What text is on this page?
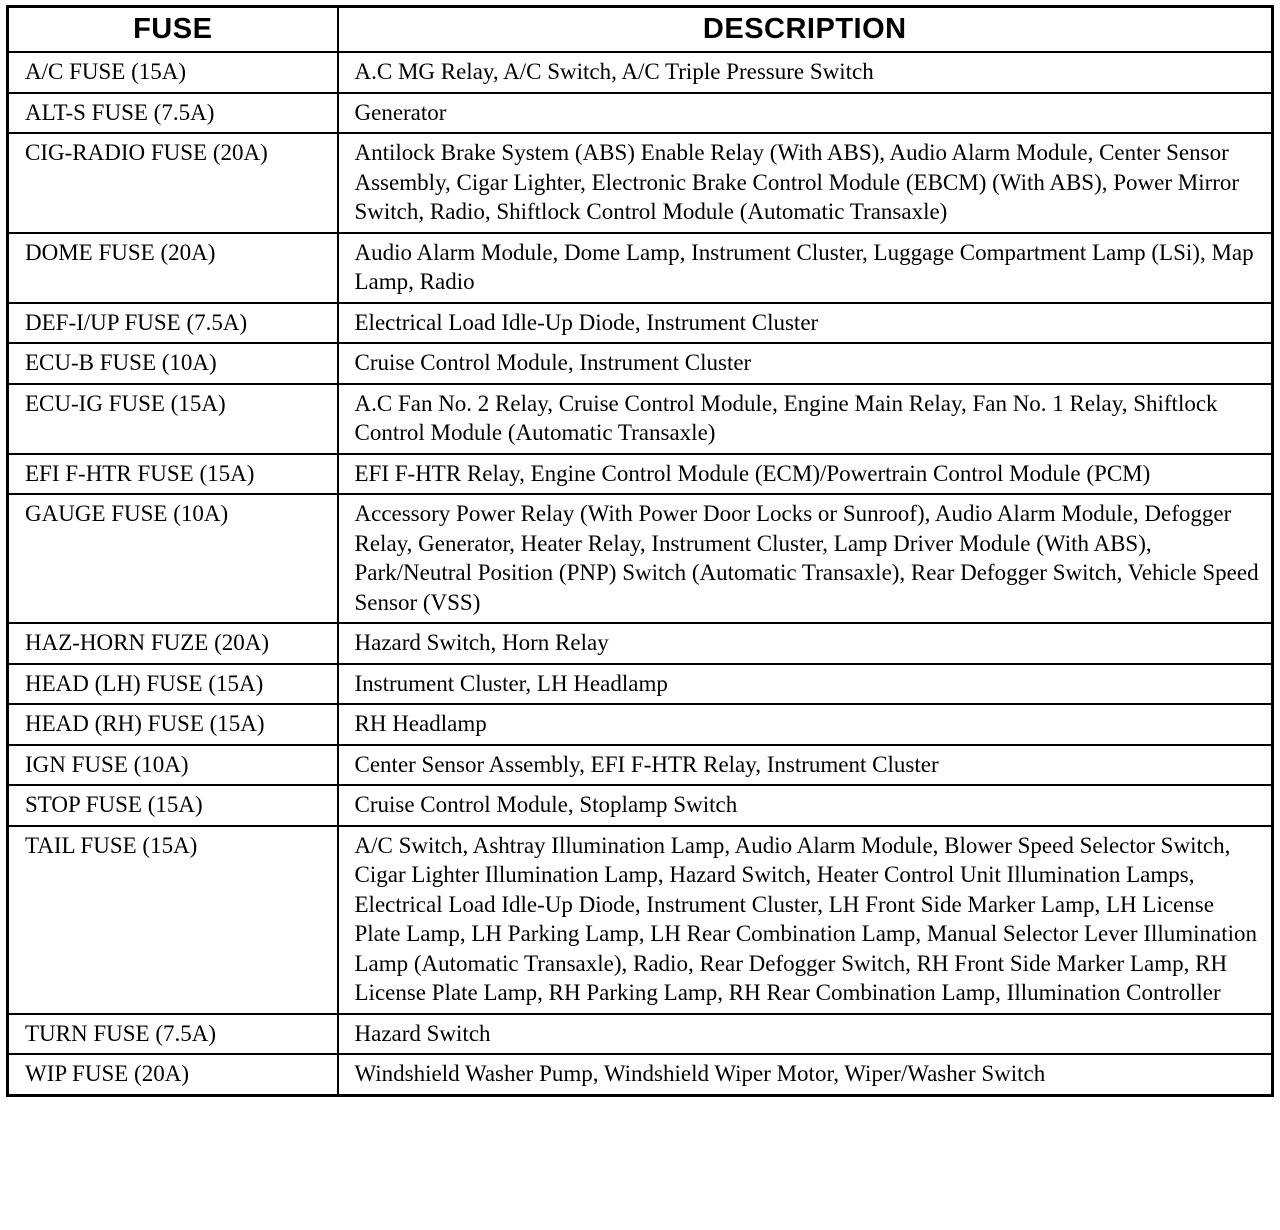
FUSE	DESCRIPTION
A/C FUSE (15A)	A.C MG Relay, A/C Switch, A/C Triple Pressure Switch
ALT-S FUSE (7.5A)	Generator
CIG-RADIO FUSE (20A)	Antilock Brake System (ABS) Enable Relay (With ABS), Audio Alarm Module, Center Sensor Assembly, Cigar Lighter, Electronic Brake Control Module (EBCM) (With ABS), Power Mirror Switch, Radio, Shiftlock Control Module (Automatic Transaxle)
DOME FUSE (20A)	Audio Alarm Module, Dome Lamp, Instrument Cluster, Luggage Compartment Lamp (LSi), Map Lamp, Radio
DEF-I/UP FUSE (7.5A)	Electrical Load Idle-Up Diode, Instrument Cluster
ECU-B FUSE (10A)	Cruise Control Module, Instrument Cluster
ECU-IG FUSE (15A)	A.C Fan No. 2 Relay, Cruise Control Module, Engine Main Relay, Fan No. 1 Relay, Shiftlock Control Module (Automatic Transaxle)
EFI F-HTR FUSE (15A)	EFI F-HTR Relay, Engine Control Module (ECM)/Powertrain Control Module (PCM)
GAUGE FUSE (10A)	Accessory Power Relay (With Power Door Locks or Sunroof), Audio Alarm Module, Defogger Relay, Generator, Heater Relay, Instrument Cluster, Lamp Driver Module (With ABS), Park/Neutral Position (PNP) Switch (Automatic Transaxle), Rear Defogger Switch, Vehicle Speed Sensor (VSS)
HAZ-HORN FUZE (20A)	Hazard Switch, Horn Relay
HEAD (LH) FUSE (15A)	Instrument Cluster, LH Headlamp
HEAD (RH) FUSE (15A)	RH Headlamp
IGN FUSE (10A)	Center Sensor Assembly, EFI F-HTR Relay, Instrument Cluster
STOP FUSE (15A)	Cruise Control Module, Stoplamp Switch
TAIL FUSE (15A)	A/C Switch, Ashtray Illumination Lamp, Audio Alarm Module, Blower Speed Selector Switch, Cigar Lighter Illumination Lamp, Hazard Switch, Heater Control Unit Illumination Lamps, Electrical Load Idle-Up Diode, Instrument Cluster, LH Front Side Marker Lamp, LH License Plate Lamp, LH Parking Lamp, LH Rear Combination Lamp, Manual Selector Lever Illumination Lamp (Automatic Transaxle), Radio, Rear Defogger Switch, RH Front Side Marker Lamp, RH License Plate Lamp, RH Parking Lamp, RH Rear Combination Lamp, Illumination Controller
TURN FUSE (7.5A)	Hazard Switch
WIP FUSE (20A)	Windshield Washer Pump, Windshield Wiper Motor, Wiper/Washer Switch
